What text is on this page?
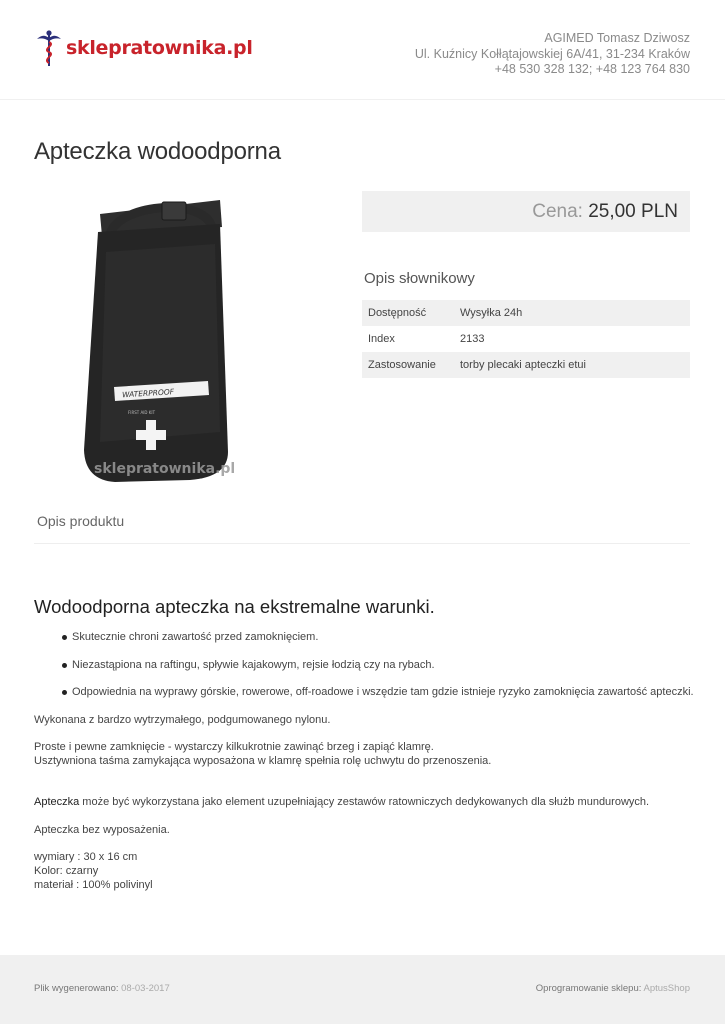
sklepratownika.pl	AGIMED Tomasz Dziwosz
Ul. Kuźnicy Kołłątajowskiej 6A/41, 31-234 Kraków
+48 530 328 132; +48 123 764 830
Apteczka wodoodporna
WATERPROOF
FIRST AID KIT
sklepratownika.pl
Cena: 25,00 PLN
Opis słownikowy
Dostępność	Wysyłka 24h
Index	2133
Zastosowanie	torby plecaki apteczki etui
Opis produktu
Wodoodporna apteczka na ekstremalne warunki.
Skutecznie chroni zawartość przed zamoknięciem.
Niezastąpiona na raftingu, spływie kajakowym, rejsie łodzią czy na rybach.
Odpowiednia na wyprawy górskie, rowerowe, off-roadowe i wszędzie tam gdzie istnieje ryzyko zamoknięcia zawartość apteczki.

Wykonana z bardzo wytrzymałego, podgumowanego nylonu.

Proste i pewne zamknięcie - wystarczy kilkukrotnie zawinąć brzeg i zapiąć klamrę.
Usztywniona taśma zamykająca wyposażona w klamrę spełnia rolę uchwytu do przenoszenia.

Apteczka może być wykorzystana jako element uzupełniający zestawów ratowniczych dedykowanych dla służb mundurowych.

Apteczka bez wyposażenia.

wymiary : 30 x 16 cm
Kolor: czarny
materiał : 100% polivinyl

Plik wygenerowano: 08-03-2017	Oprogramowanie sklepu: AptusShop
